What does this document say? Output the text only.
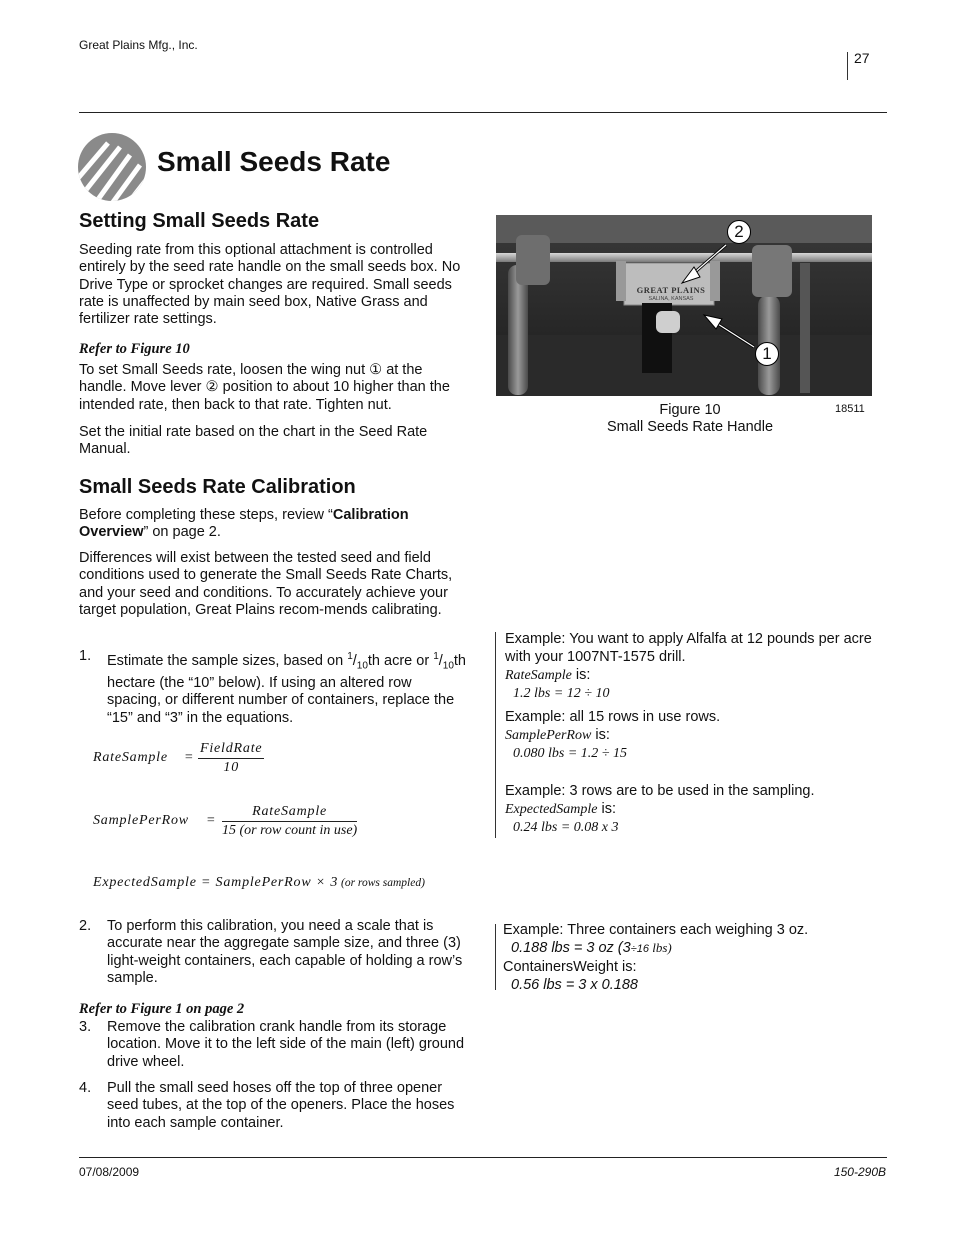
Great Plains Mfg., Inc.
27
Small Seeds Rate
Setting Small Seeds Rate
Seeding rate from this optional attachment is controlled entirely by the seed rate handle on the small seeds box. No Drive Type or sprocket changes are required. Small seeds rate is unaffected by main seed box, Native Grass and fertilizer rate settings.
Refer to Figure 10
To set Small Seeds rate, loosen the wing nut ① at the handle. Move lever ② position to about 10 higher than the intended rate, then back to that rate. Tighten nut.
Set the initial rate based on the chart in the Seed Rate Manual.
GREAT PLAINS
SALINA, KANSAS
2
1
Figure 10
Small Seeds Rate Handle
18511
Small Seeds Rate Calibration
Before completing these steps, review “Calibration Overview” on page 2.
Differences will exist between the tested seed and field conditions used to generate the Small Seeds Rate Charts, and your seed and conditions. To accurately achieve your target population, Great Plains recom-mends calibrating.
1. Estimate the sample sizes, based on $^1/_{10}th$ acre or $^1/_{10}th$ hectare (the “10” below). If using an altered row spacing, or different number of containers, replace the “15” and “3” in the equations.
RateSample =
FieldRate
10
SamplePerRow =
RateSample
15 (or row count in use)
ExpectedSample = SamplePerRow × 3 (or rows sampled)
2. To perform this calibration, you need a scale that is accurate near the aggregate sample size, and three (3) light-weight containers, each capable of holding a row’s sample.
Refer to Figure 1 on page 2
3. Remove the calibration crank handle from its storage location. Move it to the left side of the main (left) ground drive wheel.
4. Pull the small seed hoses off the top of three opener seed tubes, at the top of the openers. Place the hoses into each sample container.
Example: You want to apply Alfalfa at 12 pounds per acre with your 1007NT-1575 drill.
RateSample is:
1.2 lbs = 12 ÷ 10
Example: all 15 rows in use rows.
SamplePerRow is:
0.080 lbs = 1.2 ÷ 15
Example: 3 rows are to be used in the sampling.
ExpectedSample is:
0.24 lbs = 0.08 x 3
Example: Three containers each weighing 3 oz.
0.188 lbs = 3 oz (3÷16 lbs)
ContainersWeight is:
0.56 lbs = 3 x 0.188
07/08/2009	150-290B
